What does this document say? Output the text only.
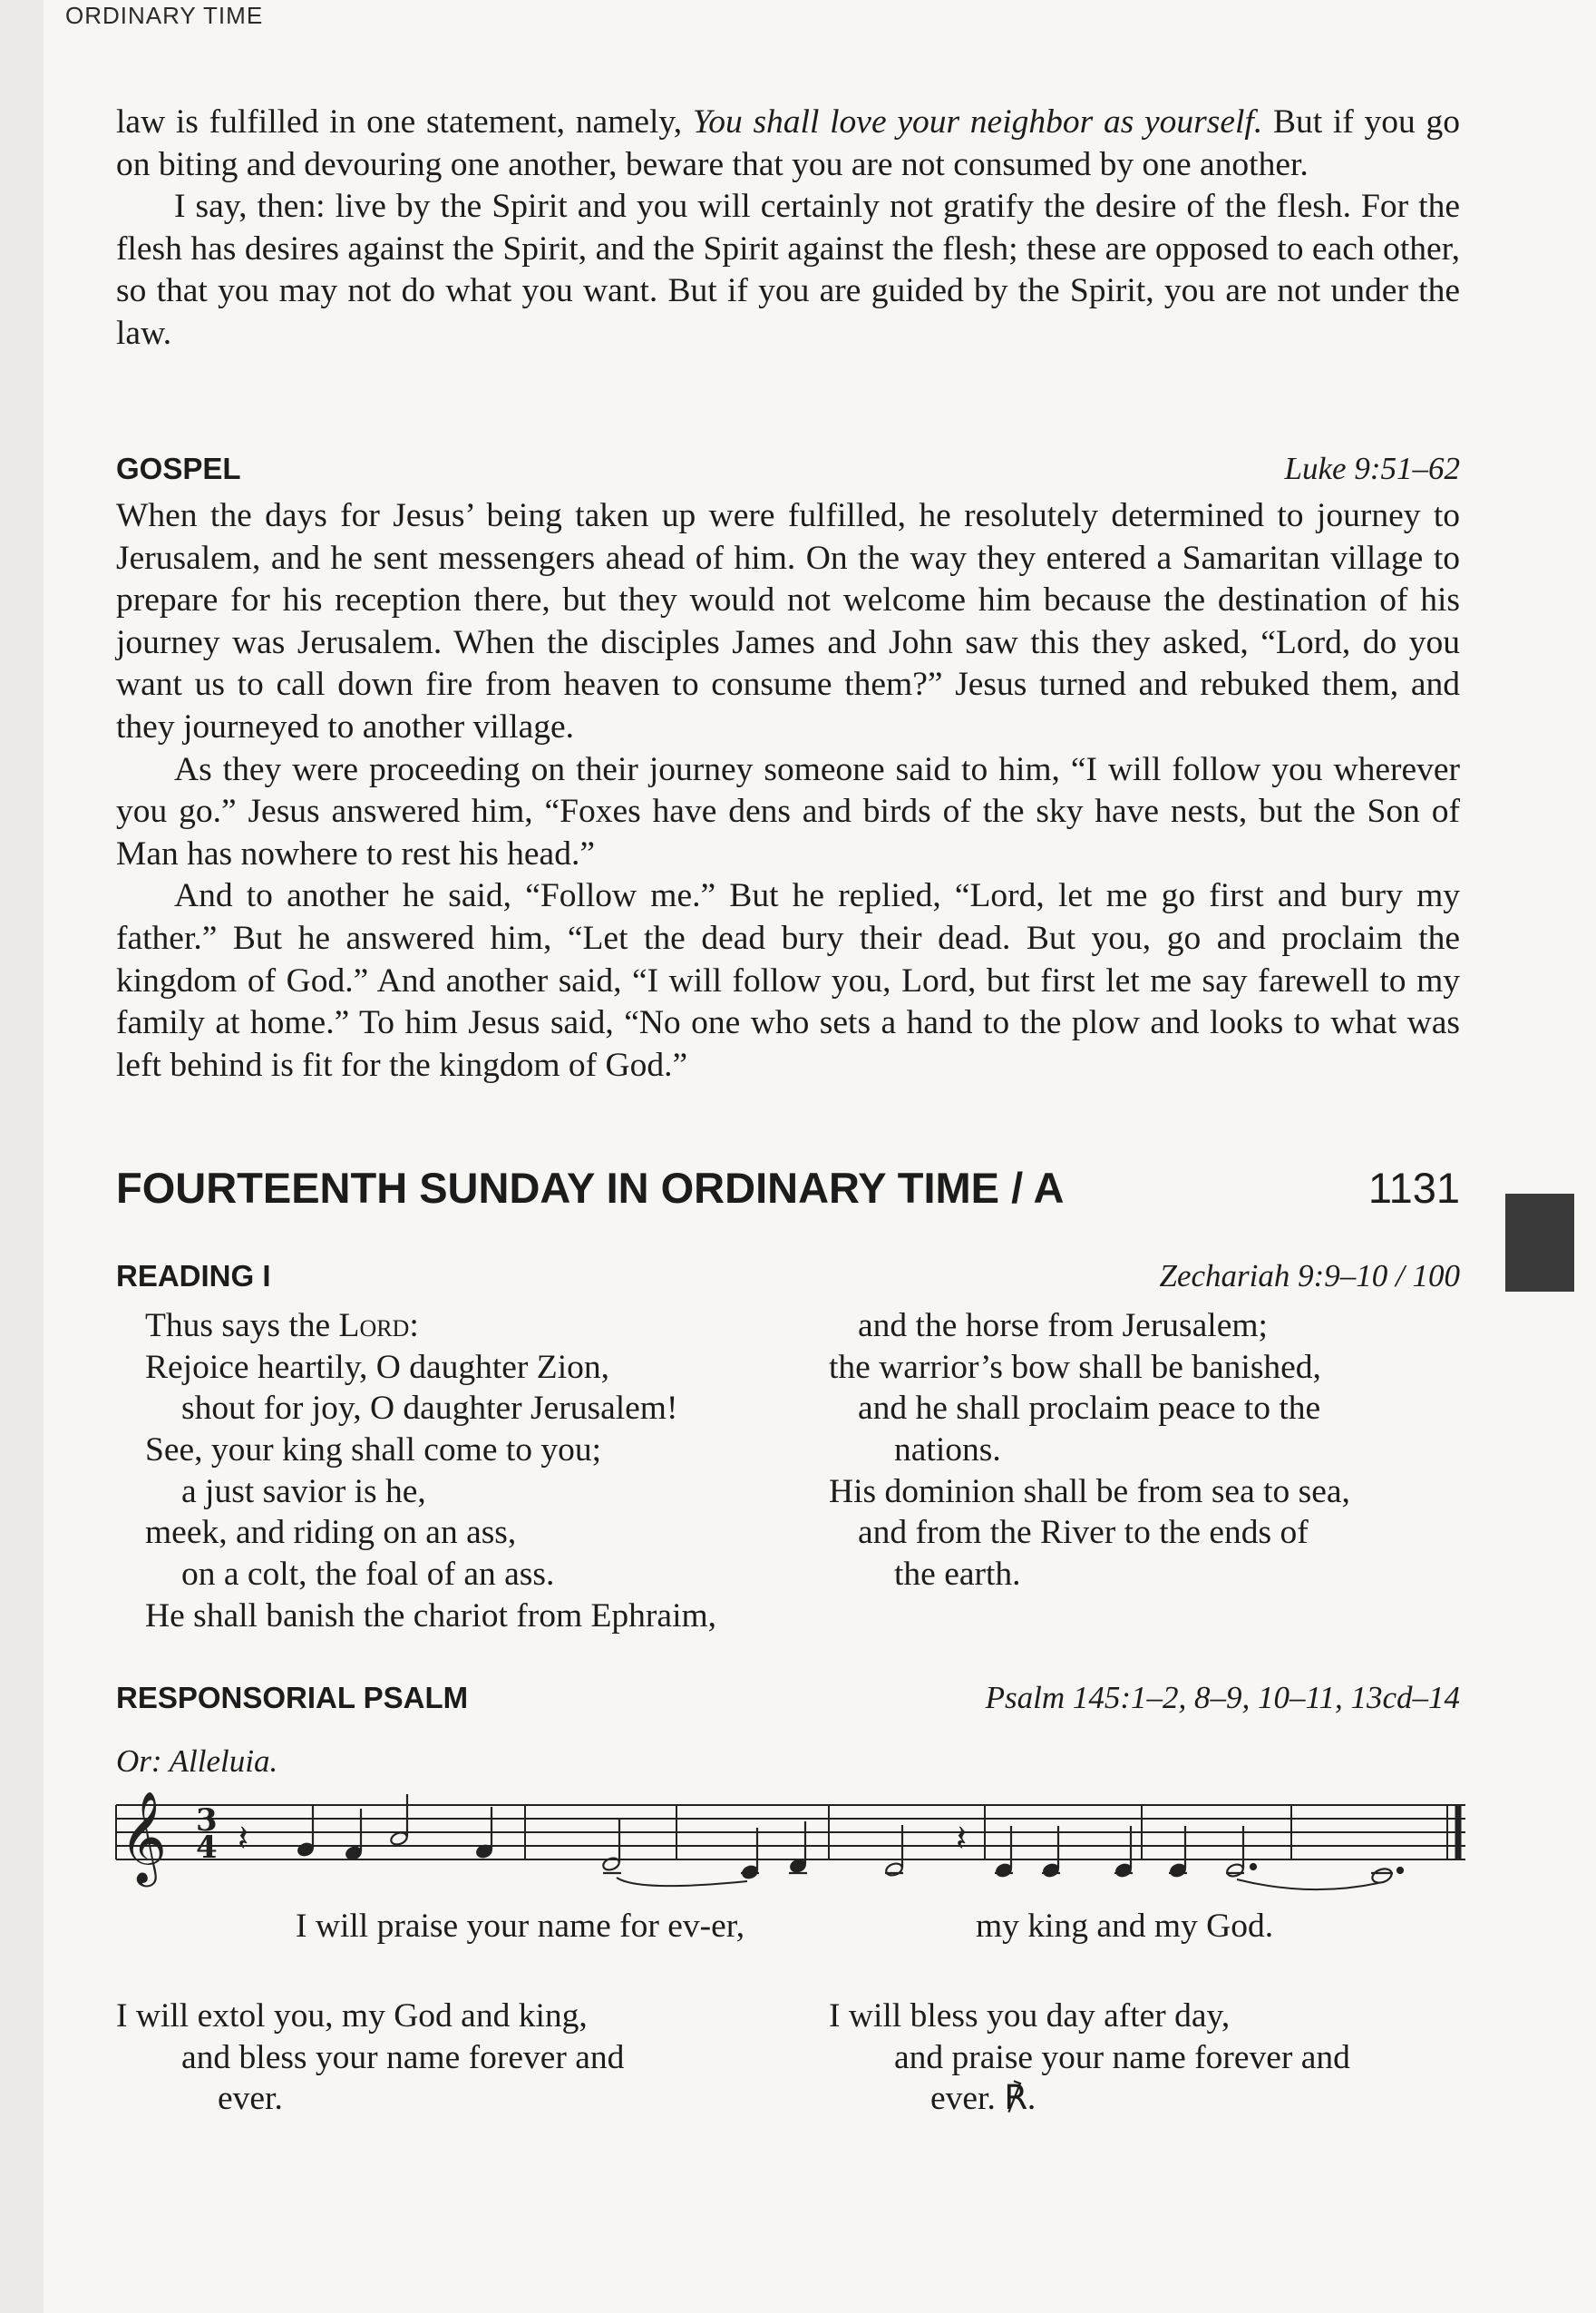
ORDINARY TIME

law is fulfilled in one statement, namely, You shall love your neighbor as yourself. But if you go on biting and devouring one another, beware that you are not consumed by one another.

I say, then: live by the Spirit and you will certainly not gratify the desire of the flesh. For the flesh has desires against the Spirit, and the Spirit against the flesh; these are opposed to each other, so that you may not do what you want. But if you are guided by the Spirit, you are not under the law.

GOSPEL	Luke 9:51–62

When the days for Jesus’ being taken up were fulfilled, he resolutely determined to journey to Jerusalem, and he sent messengers ahead of him. On the way they entered a Samaritan village to prepare for his reception there, but they would not welcome him because the destination of his journey was Jerusalem. When the disciples James and John saw this they asked, “Lord, do you want us to call down fire from heaven to consume them?” Jesus turned and rebuked them, and they journeyed to another village.

As they were proceeding on their journey someone said to him, “I will follow you wherever you go.” Jesus answered him, “Foxes have dens and birds of the sky have nests, but the Son of Man has nowhere to rest his head.”

And to another he said, “Follow me.” But he replied, “Lord, let me go first and bury my father.” But he answered him, “Let the dead bury their dead. But you, go and proclaim the kingdom of God.” And another said, “I will follow you, Lord, but first let me say farewell to my family at home.” To him Jesus said, “No one who sets a hand to the plow and looks to what was left behind is fit for the kingdom of God.”

FOURTEENTH SUNDAY IN ORDINARY TIME / A	1131
READING I	Zechariah 9:9–10 / 100
Thus says the Lord:
Rejoice heartily, O daughter Zion,
shout for joy, O daughter Jerusalem!
See, your king shall come to you;
a just savior is he,
meek, and riding on an ass,
on a colt, the foal of an ass.
He shall banish the chariot from Ephraim,
and the horse from Jerusalem;
the warrior’s bow shall be banished,
and he shall proclaim peace to the
nations.
His dominion shall be from sea to sea,
and from the River to the ends of
the earth.
RESPONSORIAL PSALM	Psalm 145:1–2, 8–9, 10–11, 13cd–14
Or: Alleluia.
𝄞 3
4 𝄽	𝄽
I will praise your name for ev-er,	my king and my God.
I will extol you, my God and king,
and bless your name forever and
ever.
I will bless you day after day,
and praise your name forever and
ever. ℟.
